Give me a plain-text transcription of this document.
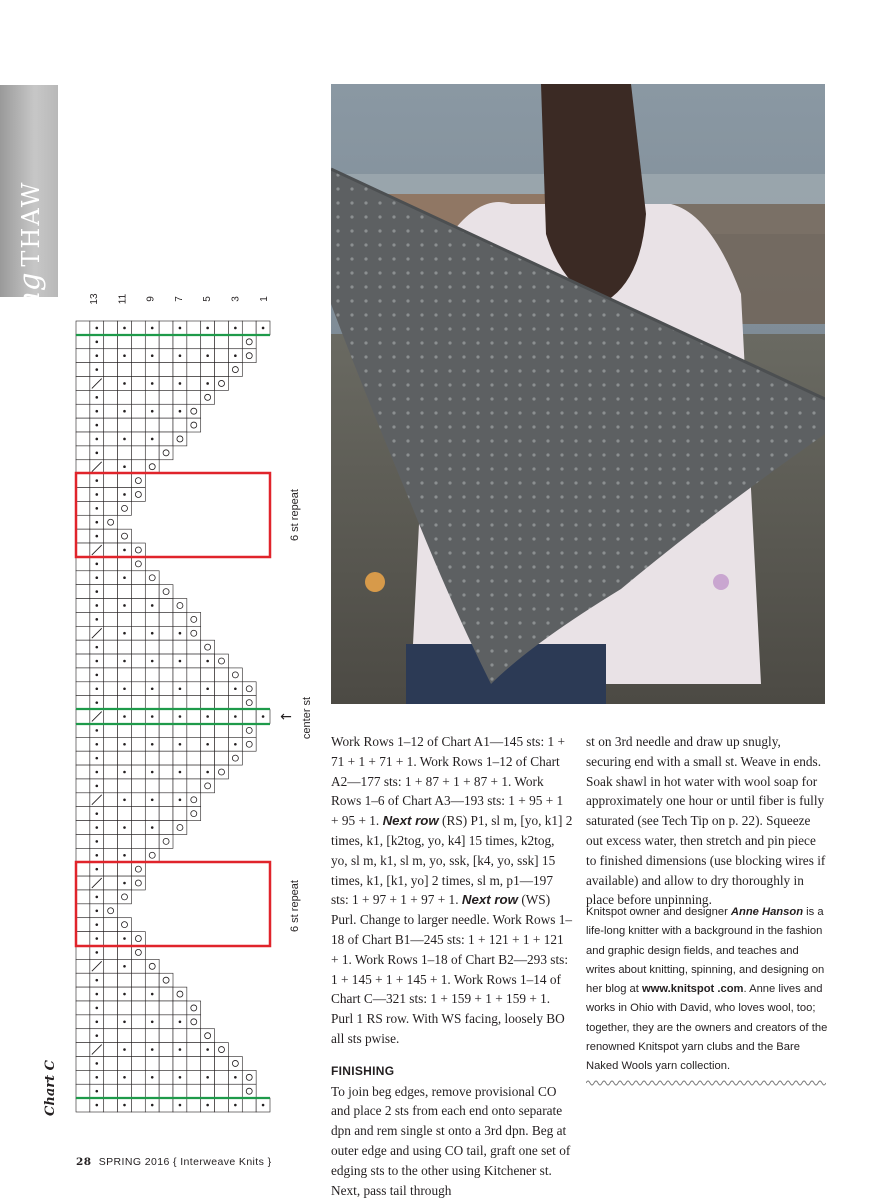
SpringTHAW
13 11 9 7 5 3 1
6 st repeat
6 st repeat
center st
←
Chart C

Work Rows 1–12 of Chart A1—145 sts: 1 + 71 + 1 + 71 + 1. Work Rows 1–12 of Chart A2—177 sts: 1 + 87 + 1 + 87 + 1. Work Rows 1–6 of Chart A3—193 sts: 1 + 95 + 1 + 95 + 1. Next row (RS) P1, sl m, [yo, k1] 2 times, k1, [k2tog, yo, k4] 15 times, k2tog, yo, sl m, k1, sl m, yo, ssk, [k4, yo, ssk] 15 times, k1, [k1, yo] 2 times, sl m, p1—197 sts: 1 + 97 + 1 + 97 + 1. Next row (WS) Purl. Change to larger needle. Work Rows 1–18 of Chart B1—245 sts: 1 + 121 + 1 + 121 + 1. Work Rows 1–18 of Chart B2—293 sts: 1 + 145 + 1 + 145 + 1. Work Rows 1–14 of Chart C—321 sts: 1 + 159 + 1 + 159 + 1. Purl 1 RS row. With WS facing, loosely BO all sts pwise.

FINISHING

To join beg edges, remove provisional CO and place 2 sts from each end onto separate dpn and rem single st onto a 3rd dpn. Beg at outer edge and using CO tail, graft one set of edging sts to the other using Kitchener st. Next, pass tail through

st on 3rd needle and draw up snugly, securing end with a small st. Weave in ends. Soak shawl in hot water with wool soap for approximately one hour or until fiber is fully saturated (see Tech Tip on p. 22). Squeeze out excess water, then stretch and pin piece to finished dimensions (use blocking wires if available) and allow to dry thoroughly in place before unpinning.

Knitspot owner and designer Anne Hanson is a life-long knitter with a background in the fashion and graphic design fields, and teaches and writes about knitting, spinning, and designing on her blog at www.knitspot .com. Anne lives and works in Ohio with David, who loves wool, too; together, they are the owners and creators of the renowned Knitspot yarn clubs and the Bare Naked Wools yarn collection.
28 SPRING 2016 { Interweave Knits }
